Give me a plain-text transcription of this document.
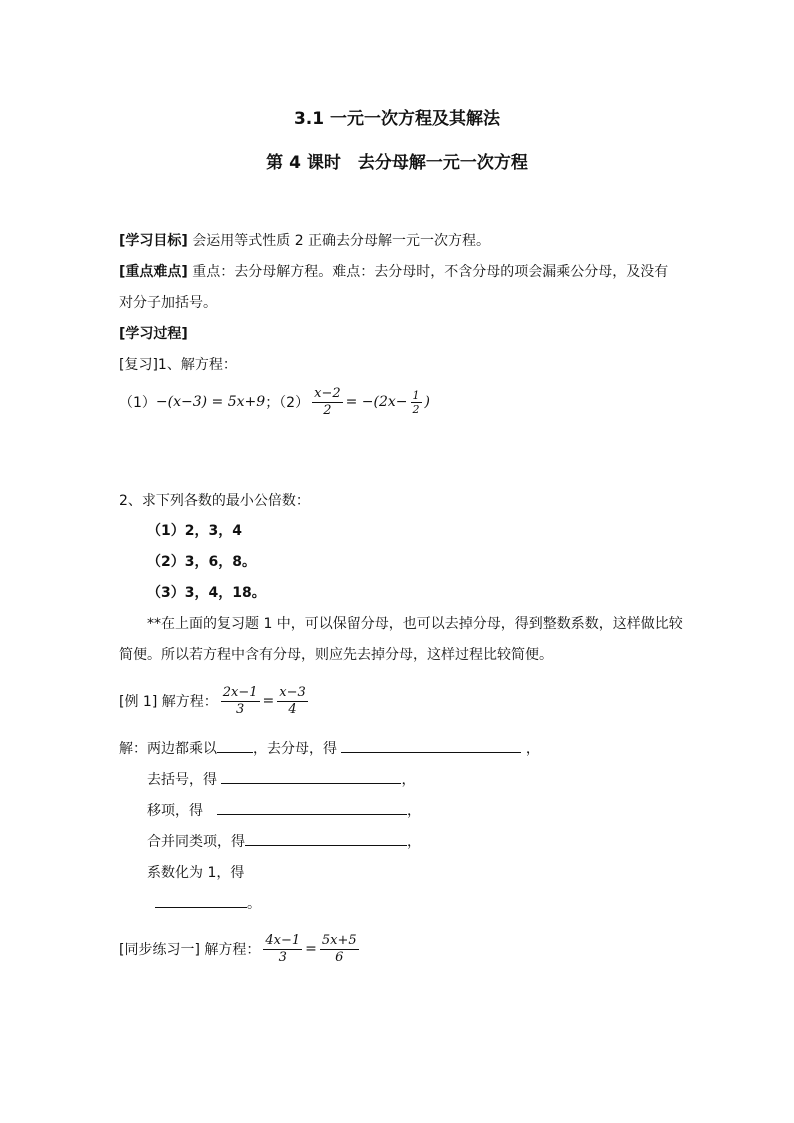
3.1 一元一次方程及其解法
第 4 课时　去分母解一元一次方程
[学习目标] 会运用等式性质 2 正确去分母解一元一次方程。
[重点难点] 重点：去分母解方程。难点：去分母时，不含分母的项会漏乘公分母，及没有
对分子加括号。
[学习过程]
[复习]1、解方程：
（1） −(x−3) = 5x+9 ；$(2) \frac{x-2}{2} = -(2x- \frac{1}{2}$ )
2、求下列各数的最小公倍数：
（1）2，3，4
（2）3，6，8。
（3）3，4，18。
**在上面的复习题 1 中，可以保留分母，也可以去掉分母，得到整数系数，这样做比较
简便。所以若方程中含有分母，则应先去掉分母，这样过程比较简便。
[例 1] 解方程： $\frac{2x-1}{3} = \frac{x-3}{4}$
解：两边都乘以	，去分母，得	，
去括号，得	，
移项，得　	，
合并同类项，得	，
系数化为 1，得
。
[同步练习一] 解方程： $\frac{4x-1}{3} = \frac{5x+5}{6}$
